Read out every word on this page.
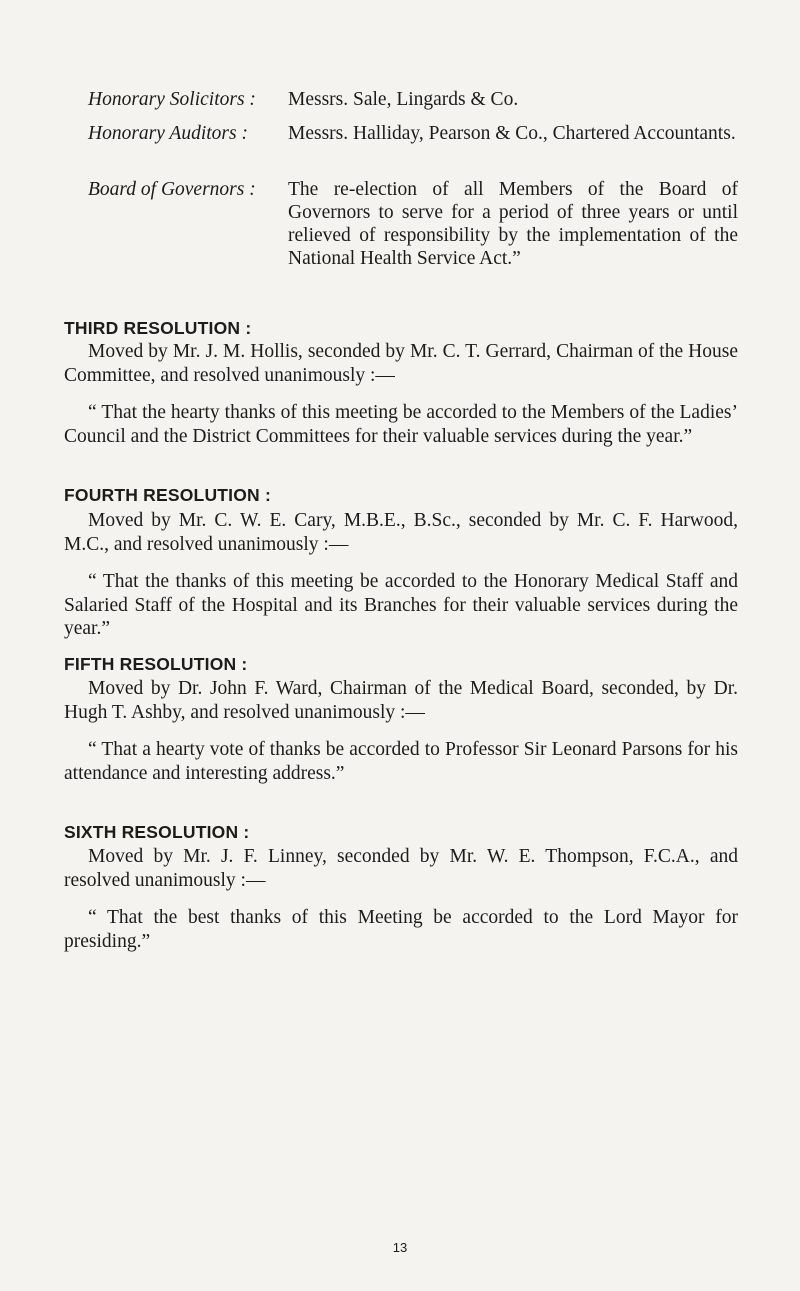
Honorary Solicitors : Messrs. Sale, Lingards & Co.
Honorary Auditors : Messrs. Halliday, Pearson & Co., Chartered Accountants.
Board of Governors : The re-election of all Members of the Board of Governors to serve for a period of three years or until relieved of responsibility by the implementation of the National Health Service Act.”
THIRD RESOLUTION :
Moved by Mr. J. M. Hollis, seconded by Mr. C. T. Gerrard, Chairman of the House Committee, and resolved unanimously :—
“ That the hearty thanks of this meeting be accorded to the Members of the Ladies’ Council and the District Committees for their valuable services during the year.”
FOURTH RESOLUTION :
Moved by Mr. C. W. E. Cary, M.B.E., B.Sc., seconded by Mr. C. F. Harwood, M.C., and resolved unanimously :—
“ That the thanks of this meeting be accorded to the Honorary Medical Staff and Salaried Staff of the Hospital and its Branches for their valuable services during the year.”
FIFTH RESOLUTION :
Moved by Dr. John F. Ward, Chairman of the Medical Board, seconded, by Dr. Hugh T. Ashby, and resolved unanimously :—
“ That a hearty vote of thanks be accorded to Professor Sir Leonard Parsons for his attendance and interesting address.”
SIXTH RESOLUTION :
Moved by Mr. J. F. Linney, seconded by Mr. W. E. Thompson, F.C.A., and resolved unanimously :—
“ That the best thanks of this Meeting be accorded to the Lord Mayor for presiding.”
13
